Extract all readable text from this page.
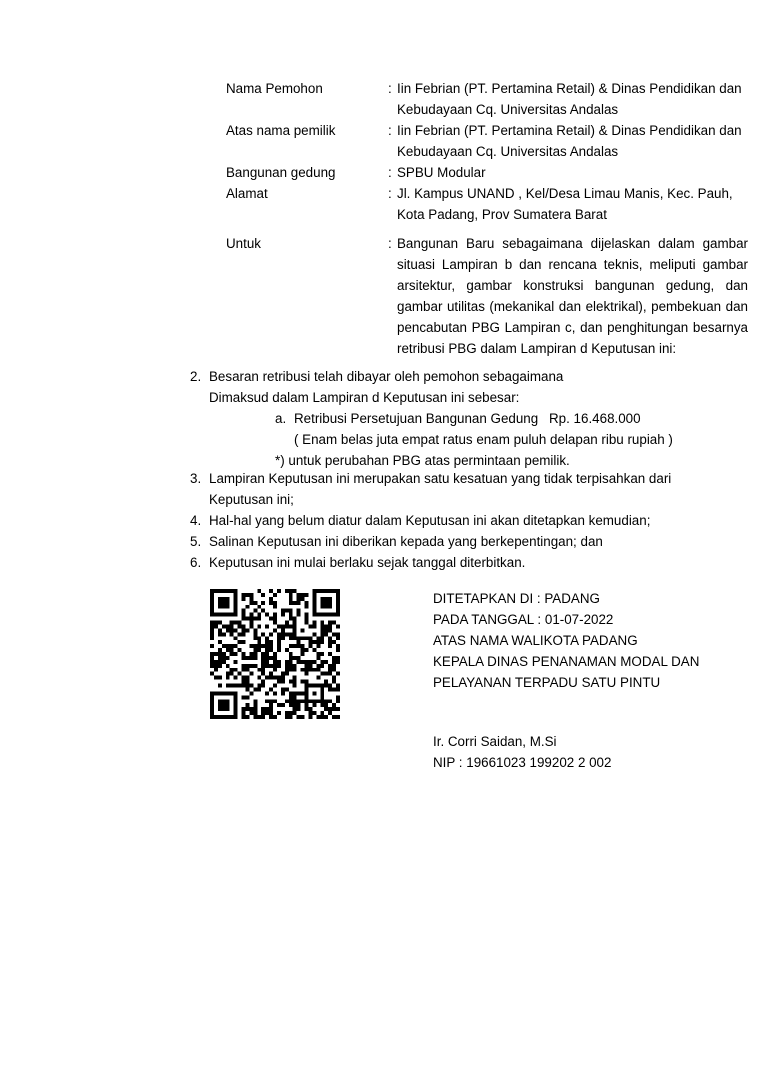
Nama Pemohon	:	Iin Febrian (PT. Pertamina Retail) & Dinas Pendidikan dan Kebudayaan Cq. Universitas Andalas
Atas nama pemilik	:	Iin Febrian (PT. Pertamina Retail) & Dinas Pendidikan dan Kebudayaan Cq. Universitas Andalas
Bangunan gedung	:	SPBU Modular
Alamat	:	Jl. Kampus UNAND , Kel/Desa Limau Manis, Kec. Pauh, Kota Padang, Prov Sumatera Barat

Untuk	:	Bangunan Baru sebagaimana dijelaskan dalam gambar situasi Lampiran b dan rencana teknis, meliputi gambar arsitektur, gambar konstruksi bangunan gedung, dan gambar utilitas (mekanikal dan elektrikal), pembekuan dan pencabutan PBG Lampiran c, dan penghitungan besarnya retribusi PBG dalam Lampiran d Keputusan ini:
2. Besaran retribusi telah dibayar oleh pemohon sebagaimana
Dimaksud dalam Lampiran d Keputusan ini sebesar:
a. Retribusi Persetujuan Bangunan Gedung Rp. 16.468.000
( Enam belas juta empat ratus enam puluh delapan ribu rupiah )
*) untuk perubahan PBG atas permintaan pemilik.
3. Lampiran Keputusan ini merupakan satu kesatuan yang tidak terpisahkan dari
Keputusan ini;
4. Hal-hal yang belum diatur dalam Keputusan ini akan ditetapkan kemudian;
5. Salinan Keputusan ini diberikan kepada yang berkepentingan; dan
6. Keputusan ini mulai berlaku sejak tanggal diterbitkan.
DITETAPKAN DI : PADANG
PADA TANGGAL : 01-07-2022
ATAS NAMA WALIKOTA PADANG
KEPALA DINAS PENANAMAN MODAL DAN
PELAYANAN TERPADU SATU PINTU
Ir. Corri Saidan, M.Si
NIP : 19661023 199202 2 002
